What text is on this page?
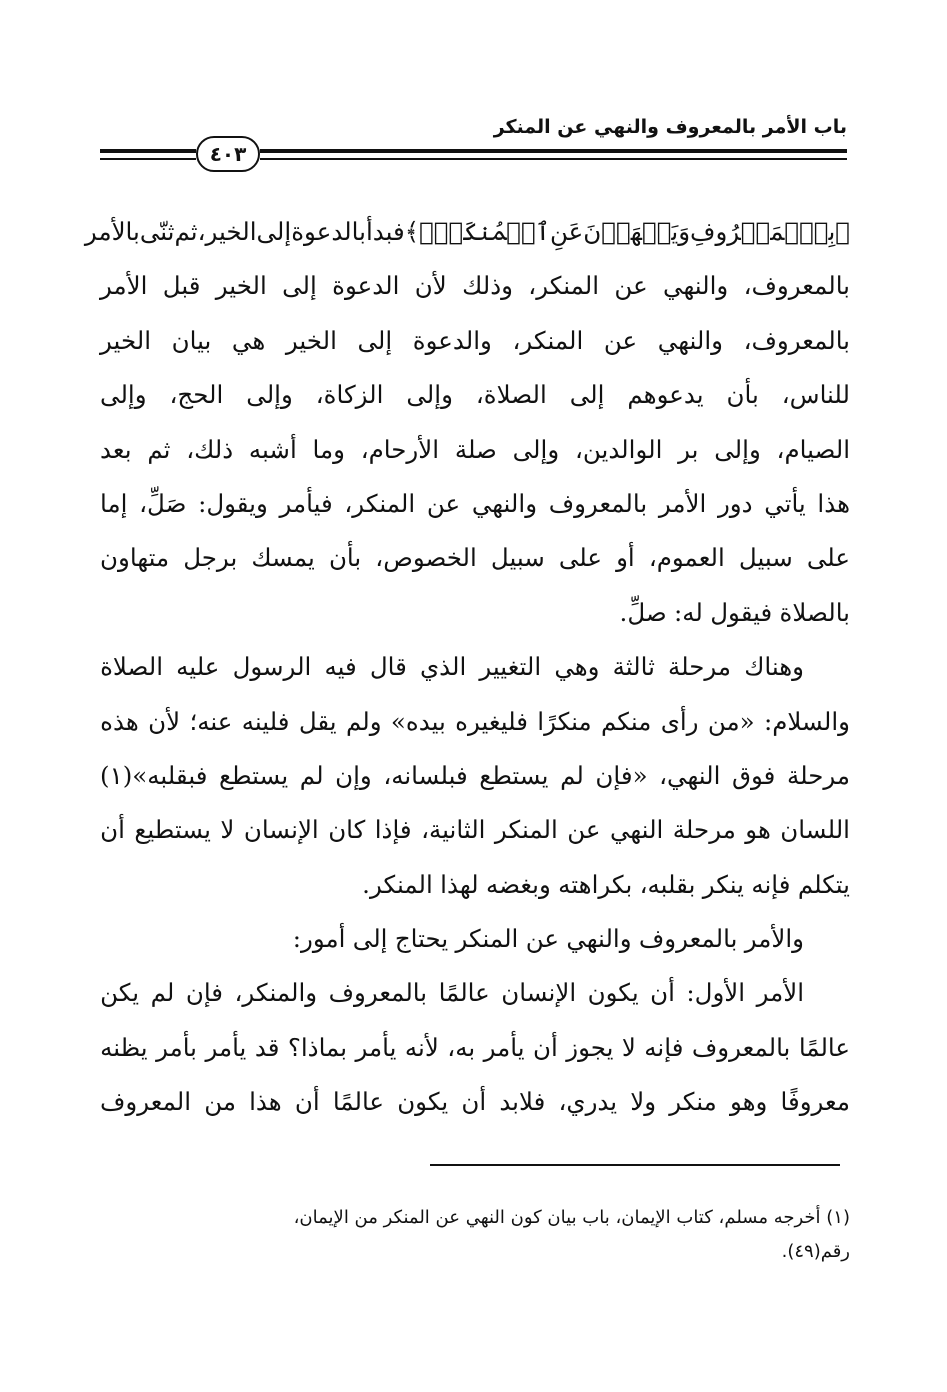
باب الأمر بالمعروف والنهي عن المنكر
٤٠٣
﴿بِٱلۡمَعۡرُوفِ
وَيَنۡهَوۡنَ
عَنِ
ٱلۡمُنكَرِۚ﴾
فبدأ
بالدعوة
إلى
الخير،
ثم
ثنّى
بالأمر
بالمعروف،
والنهي
عن
المنكر،
وذلك
لأن
الدعوة
إلى
الخير
قبل
الأمر
بالمعروف،
والنهي
عن
المنكر،
والدعوة
إلى
الخير
هي
بيان
الخير
للناس،
بأن
يدعوهم
إلى
الصلاة،
وإلى
الزكاة،
وإلى
الحج،
وإلى
الصيام،
وإلى
بر
الوالدين،
وإلى
صلة
الأرحام،
وما
أشبه
ذلك،
ثم
بعد
هذا
يأتي
دور
الأمر
بالمعروف
والنهي
عن
المنكر،
فيأمر
ويقول:
صَلِّ،
إما
على
سبيل
العموم،
أو
على
سبيل
الخصوص،
بأن
يمسك
برجل
متهاون
بالصلاة
فيقول
له:
صلِّ.
وهناك
مرحلة
ثالثة
وهي
التغيير
الذي
قال
فيه
الرسول
عليه
الصلاة
والسلام:
«من
رأى
منكم
منكرًا
فليغيره
بيده»
ولم
يقل
فلينه
عنه؛
لأن
هذه
مرحلة
فوق
النهي،
«فإن
لم
يستطع
فبلسانه،
وإن
لم
يستطع
فبقلبه»(١)
اللسان
هو
مرحلة
النهي
عن
المنكر
الثانية،
فإذا
كان
الإنسان
لا
يستطيع
أن
يتكلم
فإنه
ينكر
بقلبه،
بكراهته
وبغضه
لهذا
المنكر.
والأمر
بالمعروف
والنهي
عن
المنكر
يحتاج
إلى
أمور:
الأمر
الأول:
أن
يكون
الإنسان
عالمًا
بالمعروف
والمنكر،
فإن
لم
يكن
عالمًا
بالمعروف
فإنه
لا
يجوز
أن
يأمر
به،
لأنه
يأمر
بماذا؟
قد
يأمر
بأمر
يظنه
معروفًا
وهو
منكر
ولا
يدري،
فلابد
أن
يكون
عالمًا
أن
هذا
من
المعروف
(١) أخرجه مسلم، كتاب الإيمان، باب بيان كون النهي عن المنكر من الإيمان،
رقم(٤٩).
